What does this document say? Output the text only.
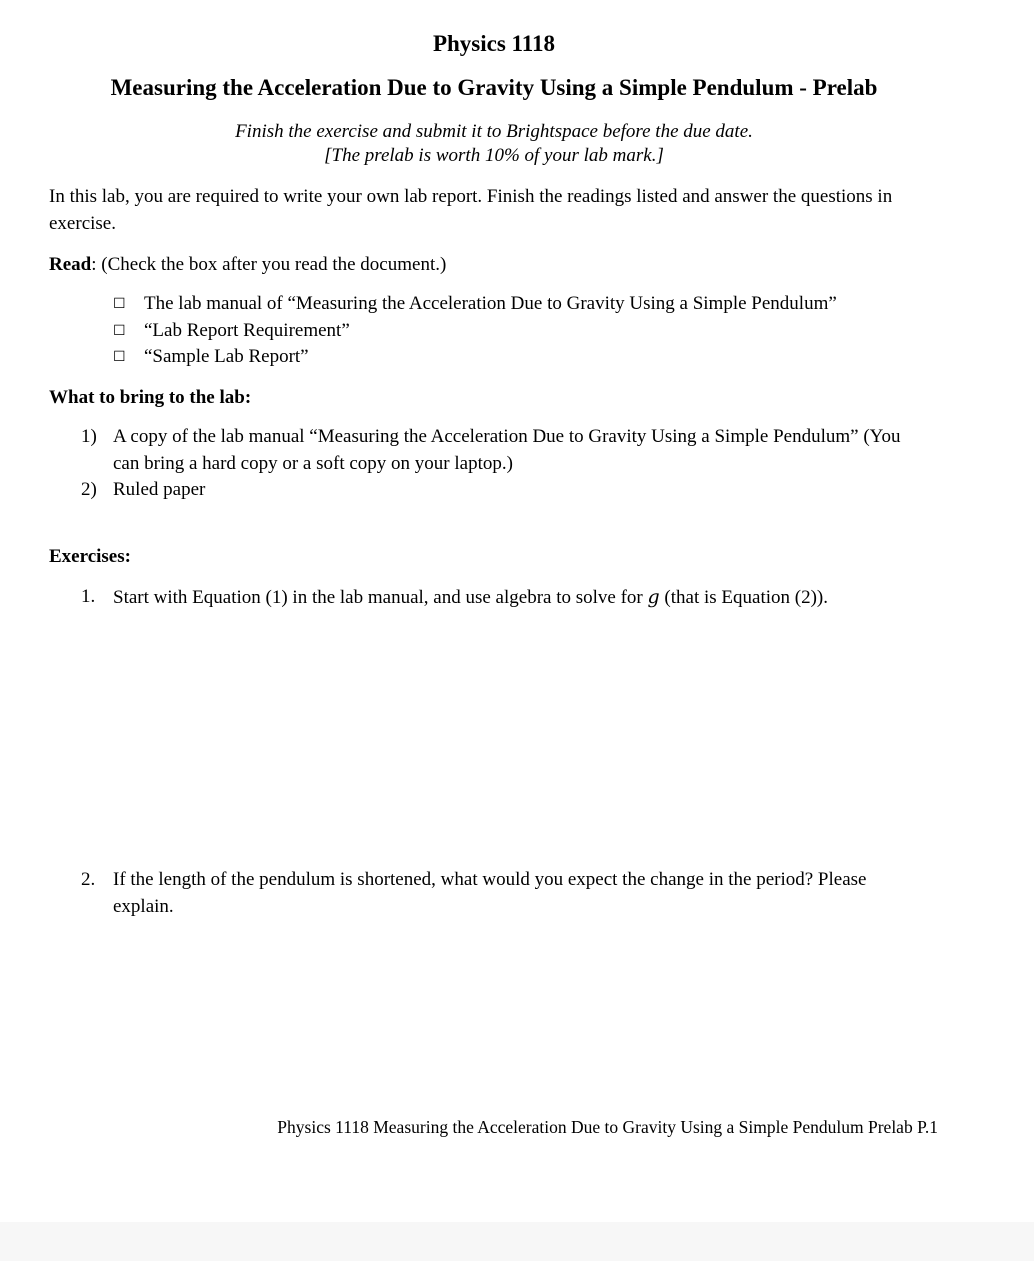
Physics 1118
Measuring the Acceleration Due to Gravity Using a Simple Pendulum - Prelab
Finish the exercise and submit it to Brightspace before the due date.
[The prelab is worth 10% of your lab mark.]
In this lab, you are required to write your own lab report. Finish the readings listed and answer the questions in exercise.
Read: (Check the box after you read the document.)
☐ The lab manual of “Measuring the Acceleration Due to Gravity Using a Simple Pendulum”
☐ “Lab Report Requirement”
☐ “Sample Lab Report”
What to bring to the lab:
1) A copy of the lab manual “Measuring the Acceleration Due to Gravity Using a Simple Pendulum” (You can bring a hard copy or a soft copy on your laptop.)
2) Ruled paper
Exercises:
1. Start with Equation (1) in the lab manual, and use algebra to solve for g (that is Equation (2)).
2. If the length of the pendulum is shortened, what would you expect the change in the period? Please explain.
Physics 1118 Measuring the Acceleration Due to Gravity Using a Simple Pendulum Prelab P.1
